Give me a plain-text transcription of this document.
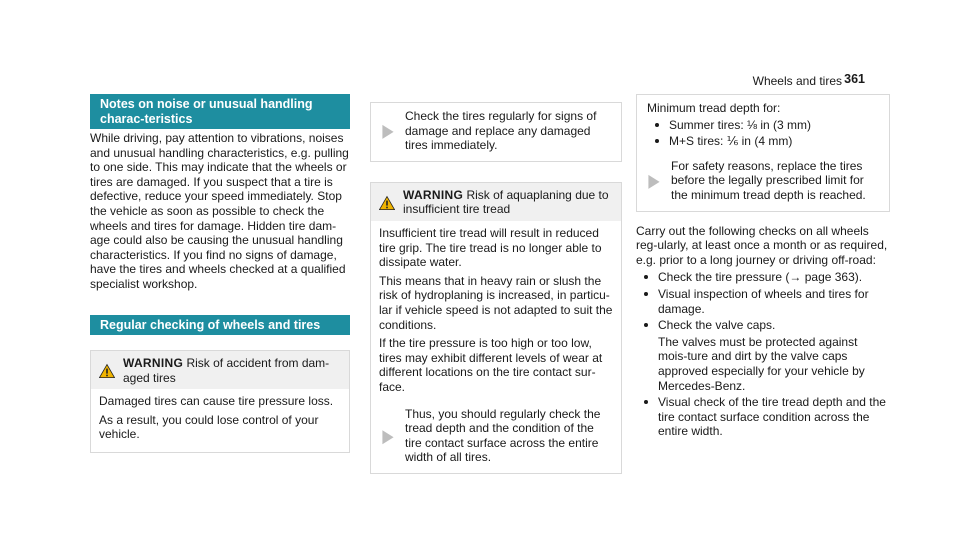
Wheels and tires 361
Notes on noise or unusual handling charac‐teristics

While driving, pay attention to vibrations, noises and unusual handling characteristics, e.g. pulling to one side. This may indicate that the wheels or tires are damaged. If you suspect that a tire is defective, reduce your speed immediately. Stop the vehicle as soon as possible to check the wheels and tires for damage. Hidden tire dam‐age could also be causing the unusual handling characteristics. If you find no signs of damage, have the tires and wheels checked at a qualified specialist workshop.

Regular checking of wheels and tires
WARNING Risk of accident from dam‐aged tires

Damaged tires can cause tire pressure loss.

As a result, you could lose control of your vehicle.

Check the tires regularly for signs of damage and replace any damaged tires immediately.

WARNING Risk of aquaplaning due to insufficient tire tread

Insufficient tire tread will result in reduced tire grip. The tire tread is no longer able to dissipate water.

This means that in heavy rain or slush the risk of hydroplaning is increased, in particu‐lar if vehicle speed is not adapted to suit the conditions.

If the tire pressure is too high or too low, tires may exhibit different levels of wear at different locations on the tire contact sur‐face.

Thus, you should regularly check the tread depth and the condition of the tire contact surface across the entire width of all tires.

Minimum tread depth for:

Summer tires: ⅛ in (3 mm)
M+S tires: ⅙ in (4 mm)

For safety reasons, replace the tires before the legally prescribed limit for the minimum tread depth is reached.

Carry out the following checks on all wheels reg‐ularly, at least once a month or as required, e.g. prior to a long journey or driving off-road:

Check the tire pressure (→ page 363).
Visual inspection of wheels and tires for damage.
Check the valve caps.
The valves must be protected against mois‐ture and dirt by the valve caps approved especially for your vehicle by Mercedes-Benz.
Visual check of the tire tread depth and the tire contact surface condition across the entire width.
